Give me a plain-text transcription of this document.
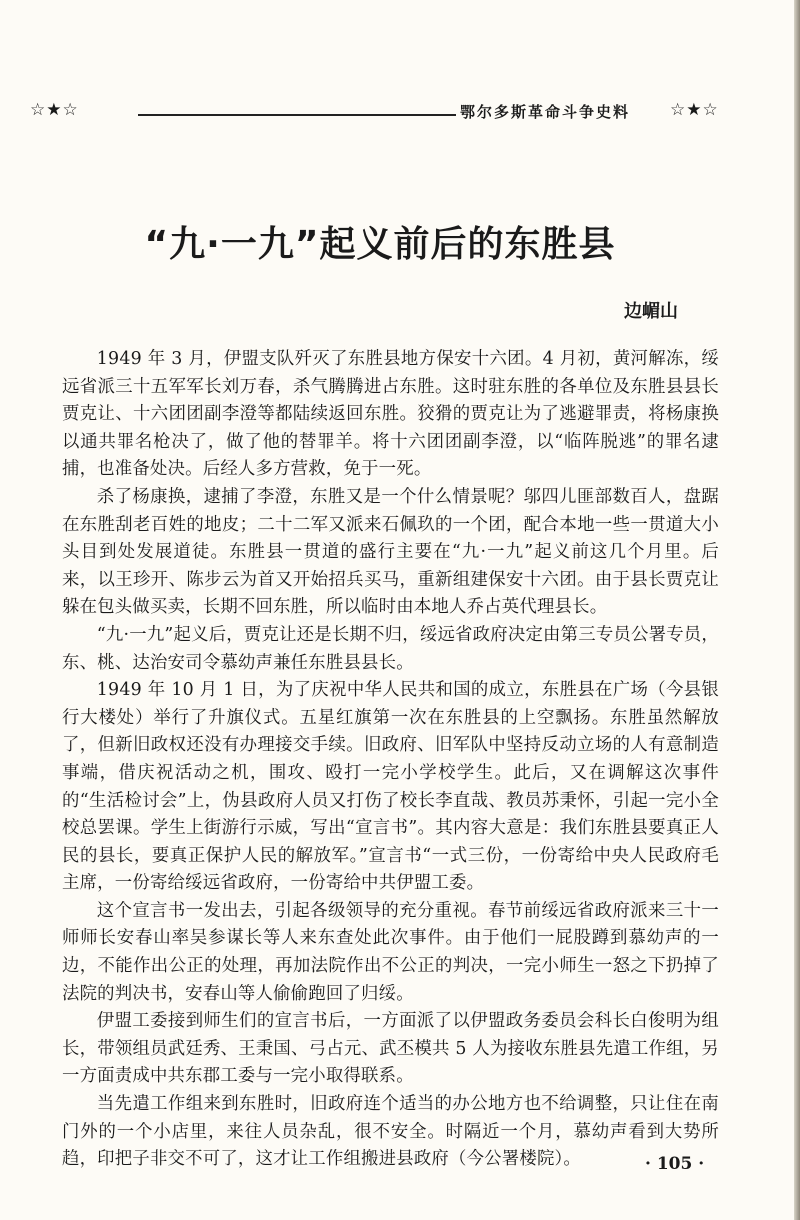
☆★☆	鄂尔多斯革命斗争史料 ☆★☆
“九·一九”起义前后的东胜县
边嵋山

1949 年 3 月，伊盟支队歼灭了东胜县地方保安十六团。4 月初，黄河解冻，绥远省派三十五军军长刘万春，杀气腾腾进占东胜。这时驻东胜的各单位及东胜县县长贾克让、十六团团副李澄等都陆续返回东胜。狡猾的贾克让为了逃避罪责，将杨康换以通共罪名枪决了，做了他的替罪羊。将十六团团副李澄，以“临阵脱逃”的罪名逮捕，也准备处决。后经人多方营救，免于一死。

杀了杨康换，逮捕了李澄，东胜又是一个什么情景呢？邬四儿匪部数百人，盘踞在东胜刮老百姓的地皮；二十二军又派来石佩玖的一个团，配合本地一些一贯道大小头目到处发展道徒。东胜县一贯道的盛行主要在“九·一九”起义前这几个月里。后来，以王珍开、陈步云为首又开始招兵买马，重新组建保安十六团。由于县长贾克让躲在包头做买卖，长期不回东胜，所以临时由本地人乔占英代理县长。

“九·一九”起义后，贾克让还是长期不归，绥远省政府决定由第三专员公署专员，东、桃、达治安司令慕幼声兼任东胜县县长。

1949 年 10 月 1 日，为了庆祝中华人民共和国的成立，东胜县在广场（今县银行大楼处）举行了升旗仪式。五星红旗第一次在东胜县的上空飘扬。东胜虽然解放了，但新旧政权还没有办理接交手续。旧政府、旧军队中坚持反动立场的人有意制造事端，借庆祝活动之机，围攻、殴打一完小学校学生。此后，又在调解这次事件的“生活检讨会”上，伪县政府人员又打伤了校长李直哉、教员苏秉怀，引起一完小全校总罢课。学生上街游行示威，写出“宣言书”。其内容大意是：我们东胜县要真正人民的县长，要真正保护人民的解放军。”宣言书“一式三份，一份寄给中央人民政府毛主席，一份寄给绥远省政府，一份寄给中共伊盟工委。

这个宣言书一发出去，引起各级领导的充分重视。春节前绥远省政府派来三十一师师长安春山率吴参谋长等人来东查处此次事件。由于他们一屁股蹲到慕幼声的一边，不能作出公正的处理，再加法院作出不公正的判决，一完小师生一怒之下扔掉了法院的判决书，安春山等人偷偷跑回了归绥。

伊盟工委接到师生们的宣言书后，一方面派了以伊盟政务委员会科长白俊明为组长，带领组员武廷秀、王秉国、弓占元、武丕模共 5 人为接收东胜县先遣工作组，另一方面责成中共东郡工委与一完小取得联系。

当先遣工作组来到东胜时，旧政府连个适当的办公地方也不给调整，只让住在南门外的一个小店里，来往人员杂乱，很不安全。时隔近一个月，慕幼声看到大势所趋，印把子非交不可了，这才让工作组搬进县政府（今公署楼院）。	· 105 ·
